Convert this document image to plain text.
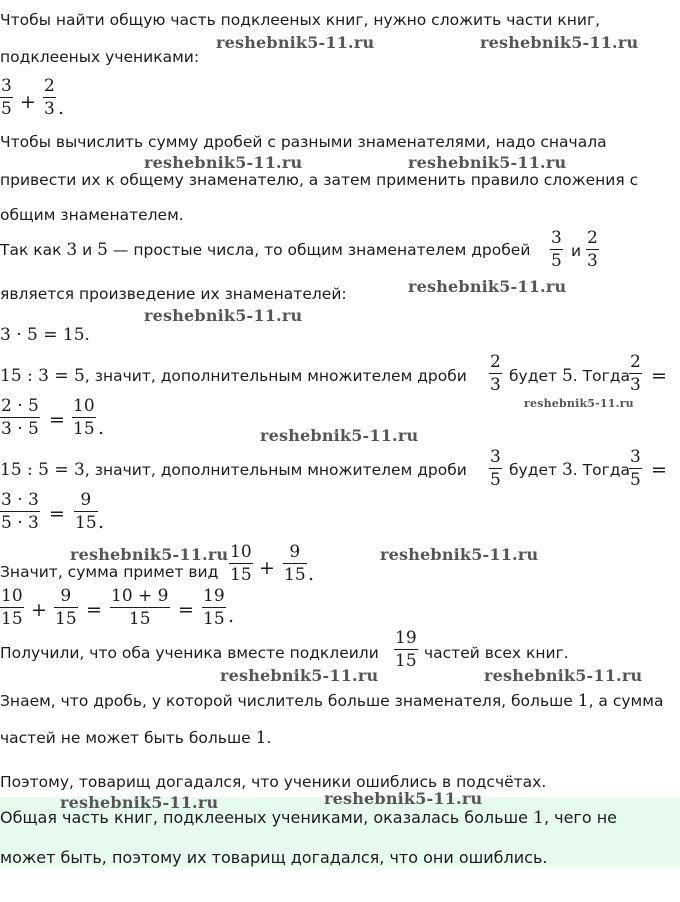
Чтобы найти общую часть подклееных книг, нужно сложить части книг,
подклееных учениками:
$\frac{3}{5} + \frac{2}{3}$ .
Чтобы вычислить сумму дробей с разными знаменателями, надо сначала
привести их к общему знаменателю, а затем применить правило сложения с
общим знаменателем.
Так как 3 и 5 — простые числа, то общим знаменателем дробей $\frac{3}{5}$ и $\frac{2}{3}$
является произведение их знаменателей:
3 · 5 = 15.
15 : 3 = 5, значит, дополнительным множителем дроби $\frac{2}{3}$ будет 5. Тогда $\frac{2}{3}$ =
$\frac{2 \cdot 5}{3 \cdot 5} = \frac{10}{15}$ .
15 : 5 = 3, значит, дополнительным множителем дроби $\frac{3}{5}$ будет 3. Тогда $\frac{3}{5}$ =
$\frac{3 \cdot 3}{5 \cdot 3} = \frac{9}{15}$ .
Значит, сумма примет вид $\frac{10}{15} + \frac{9}{15}$ .
$\frac{10}{15} + \frac{9}{15} = \frac{10 + 9}{15} = \frac{19}{15}$ .
Получили, что оба ученика вместе подклеили $\frac{19}{15}$ частей всех книг.
Знаем, что дробь, у которой числитель больше знаменателя, больше 1, а сумма
частей не может быть больше 1.
Поэтому, товарищ догадался, что ученики ошиблись в подсчётах.
Общая часть книг, подклееных учениками, оказалась больше 1, чего не
может быть, поэтому их товарищ догадался, что они ошиблись.
reshebnik5-11.ru	reshebnik5-11.ru
reshebnik5-11.ru	reshebnik5-11.ru
reshebnik5-11.ru
reshebnik5-11.ru
reshebnik5-11.ru
reshebnik5-11.ru
reshebnik5-11.ru	reshebnik5-11.ru
reshebnik5-11.ru	reshebnik5-11.ru
reshebnik5-11.ru	reshebnik5-11.ru
